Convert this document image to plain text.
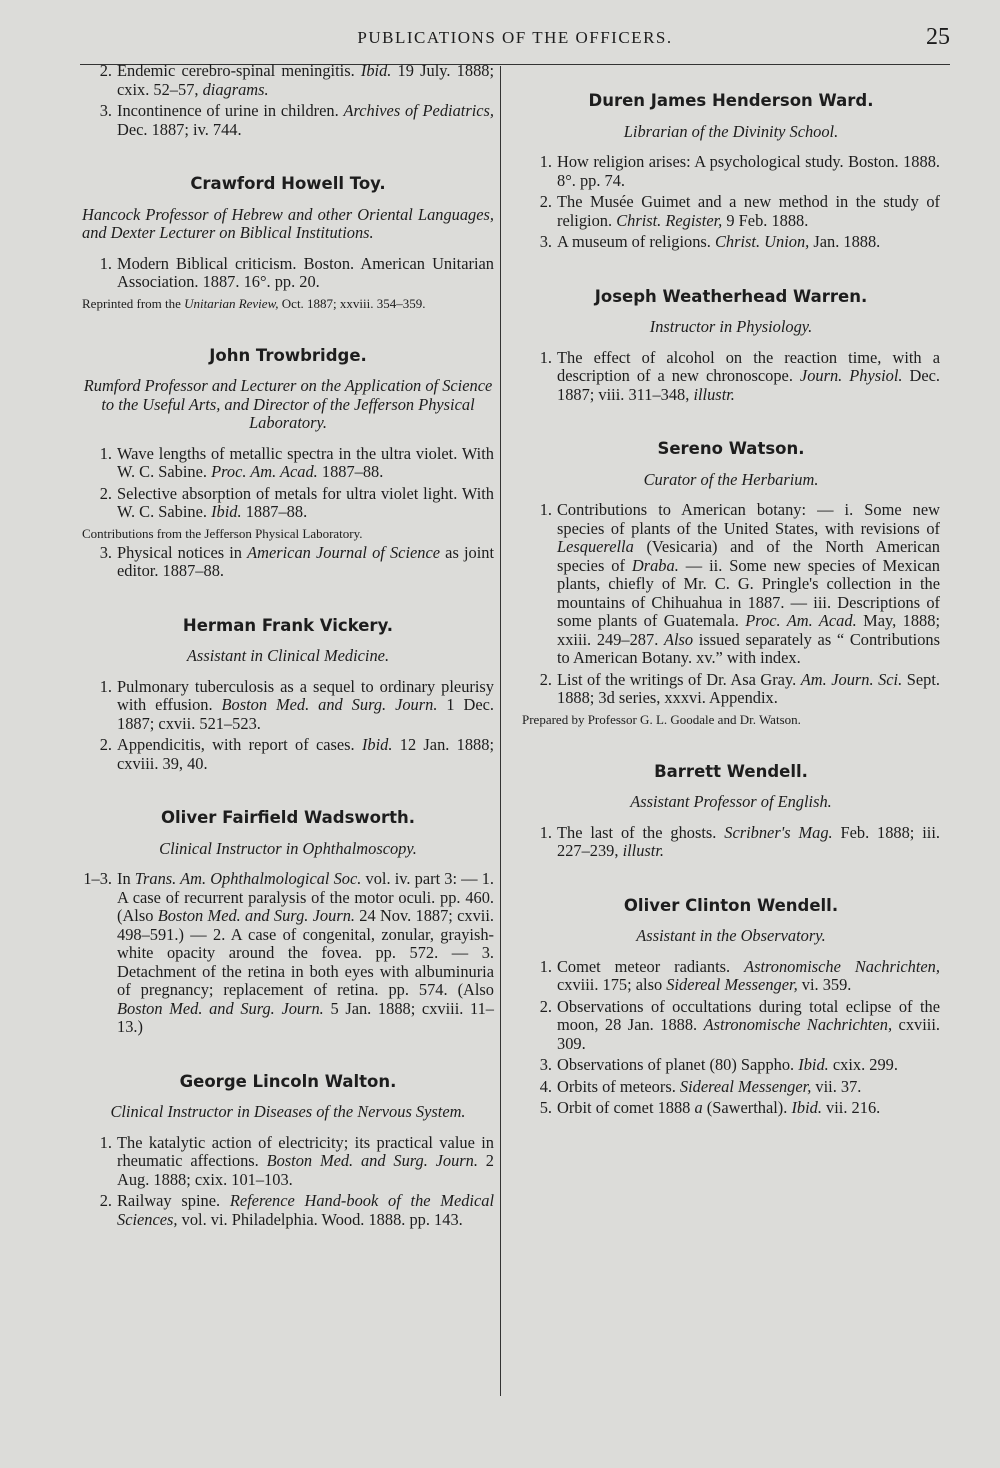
PUBLICATIONS OF THE OFFICERS.	25
2. Endemic cerebro-spinal meningitis. Ibid. 19 July. 1888; cxix. 52–57, diagrams.
3. Incontinence of urine in children. Archives of Pediatrics, Dec. 1887; iv. 744.
Crawford Howell Toy.
Hancock Professor of Hebrew and other Oriental Languages, and Dexter Lecturer on Biblical Institutions.
1. Modern Biblical criticism. Boston. American Unitarian Association. 1887. 16°. pp. 20.
Reprinted from the Unitarian Review, Oct. 1887; xxviii. 354–359.
John Trowbridge.
Rumford Professor and Lecturer on the Application of Science to the Useful Arts, and Director of the Jefferson Physical Laboratory.
1. Wave lengths of metallic spectra in the ultra violet. With W. C. Sabine. Proc. Am. Acad. 1887–88.
2. Selective absorption of metals for ultra violet light. With W. C. Sabine. Ibid. 1887–88.
Contributions from the Jefferson Physical Laboratory.
3. Physical notices in American Journal of Science as joint editor. 1887–88.
Herman Frank Vickery.
Assistant in Clinical Medicine.
1. Pulmonary tuberculosis as a sequel to ordinary pleurisy with effusion. Boston Med. and Surg. Journ. 1 Dec. 1887; cxvii. 521–523.
2. Appendicitis, with report of cases. Ibid. 12 Jan. 1888; cxviii. 39, 40.
Oliver Fairfield Wadsworth.
Clinical Instructor in Ophthalmoscopy.
1–3. In Trans. Am. Ophthalmological Soc. vol. iv. part 3: — 1. A case of recurrent paralysis of the motor oculi. pp. 460. (Also Boston Med. and Surg. Journ. 24 Nov. 1887; cxvii. 498–591.) — 2. A case of congenital, zonular, grayish-white opacity around the fovea. pp. 572. — 3. Detachment of the retina in both eyes with albuminuria of pregnancy; replacement of retina. pp. 574. (Also Boston Med. and Surg. Journ. 5 Jan. 1888; cxviii. 11–13.)
George Lincoln Walton.
Clinical Instructor in Diseases of the Nervous System.
1. The katalytic action of electricity; its practical value in rheumatic affections. Boston Med. and Surg. Journ. 2 Aug. 1888; cxix. 101–103.
2. Railway spine. Reference Hand-book of the Medical Sciences, vol. vi. Philadelphia. Wood. 1888. pp. 143.
Duren James Henderson Ward.
Librarian of the Divinity School.
1. How religion arises: A psychological study. Boston. 1888. 8°. pp. 74.
2. The Musée Guimet and a new method in the study of religion. Christ. Register, 9 Feb. 1888.
3. A museum of religions. Christ. Union, Jan. 1888.
Joseph Weatherhead Warren.
Instructor in Physiology.
1. The effect of alcohol on the reaction time, with a description of a new chronoscope. Journ. Physiol. Dec. 1887; viii. 311–348, illustr.
Sereno Watson.
Curator of the Herbarium.
1. Contributions to American botany: — i. Some new species of plants of the United States, with revisions of Lesquerella (Vesicaria) and of the North American species of Draba. — ii. Some new species of Mexican plants, chiefly of Mr. C. G. Pringle's collection in the mountains of Chihuahua in 1887. — iii. Descriptions of some plants of Guatemala. Proc. Am. Acad. May, 1888; xxiii. 249–287. Also issued separately as “ Contributions to American Botany. xv.” with index.
2. List of the writings of Dr. Asa Gray. Am. Journ. Sci. Sept. 1888; 3d series, xxxvi. Appendix.
Prepared by Professor G. L. Goodale and Dr. Watson.
Barrett Wendell.
Assistant Professor of English.
1. The last of the ghosts. Scribner's Mag. Feb. 1888; iii. 227–239, illustr.
Oliver Clinton Wendell.
Assistant in the Observatory.
1. Comet meteor radiants. Astronomische Nachrichten, cxviii. 175; also Sidereal Messenger, vi. 359.
2. Observations of occultations during total eclipse of the moon, 28 Jan. 1888. Astronomische Nachrichten, cxviii. 309.
3. Observations of planet (80) Sappho. Ibid. cxix. 299.
4. Orbits of meteors. Sidereal Messenger, vii. 37.
5. Orbit of comet 1888 a (Sawerthal). Ibid. vii. 216.
